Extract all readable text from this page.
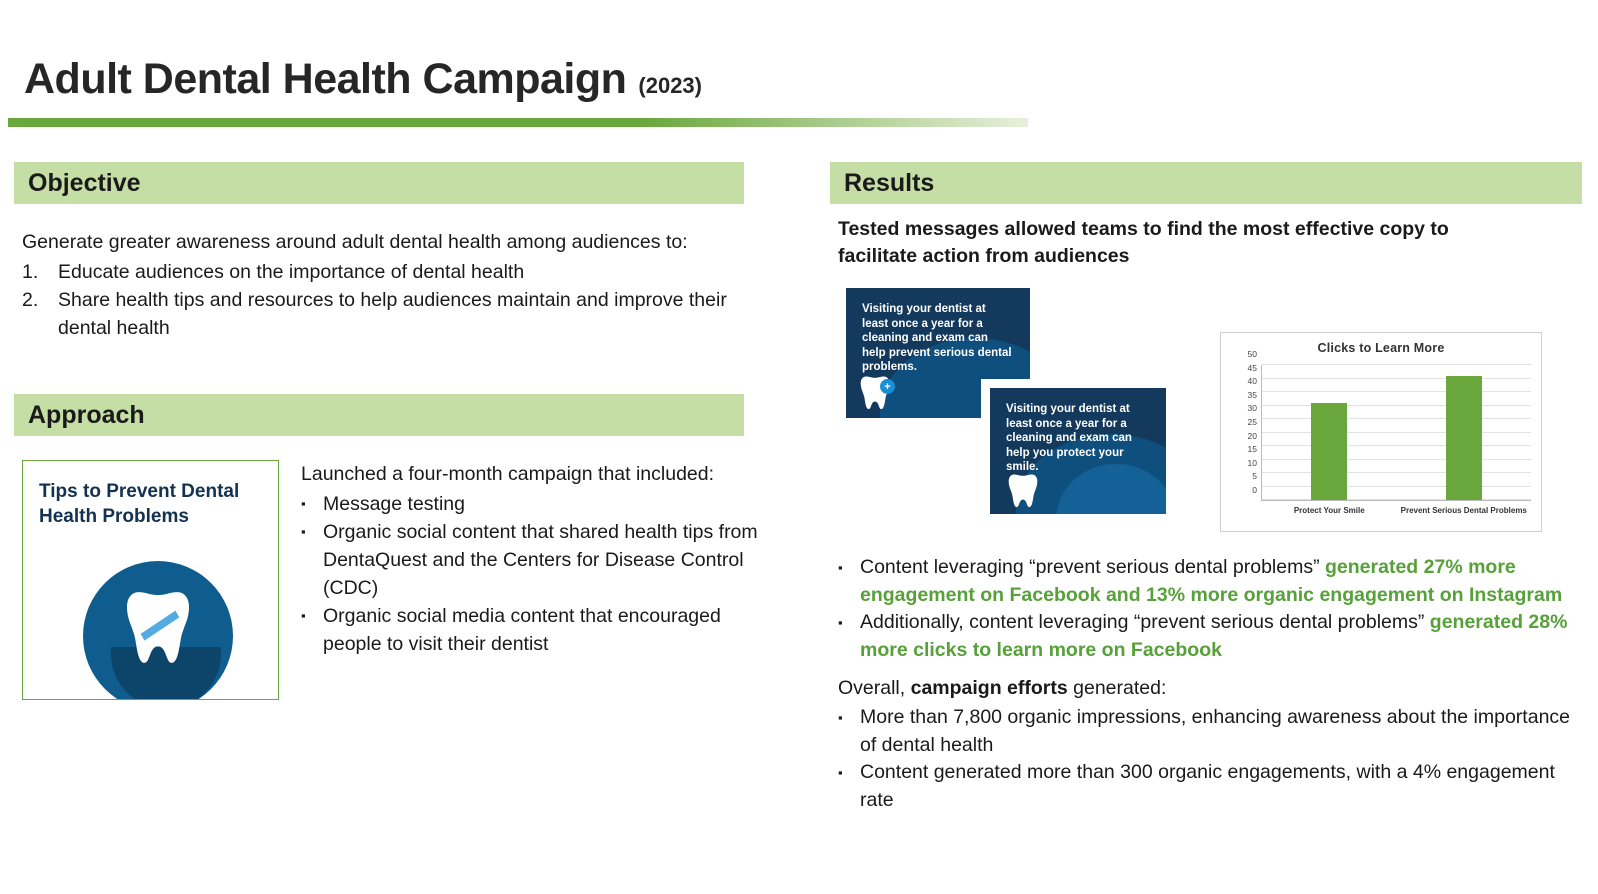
Adult Dental Health Campaign (2023)
Objective
Generate greater awareness around adult dental health among audiences to:
1.	Educate audiences on the importance of dental health
2.	Share health tips and resources to help audiences maintain and improve their dental health
Approach
Tips to Prevent Dental Health Problems
Launched a four-month campaign that included:
▪ Message testing
▪ Organic social content that shared health tips from DentaQuest and the Centers for Disease Control (CDC)
▪ Organic social media content that encouraged people to visit their dentist
Results
Tested messages allowed teams to find the most effective copy to facilitate action from audiences
Visiting your dentist at least once a year for a cleaning and exam can help prevent serious dental problems.
+
Visiting your dentist at least once a year for a cleaning and exam can help you protect your smile.
Clicks to Learn More
0
5
10
15
20
25
30
35
40
45
50
Protect Your Smile	Prevent Serious Dental Problems
▪ Content leveraging “prevent serious dental problems” generated 27% more engagement on Facebook and 13% more organic engagement on Instagram
▪ Additionally, content leveraging “prevent serious dental problems” generated 28% more clicks to learn more on Facebook
Overall, campaign efforts generated:
▪ More than 7,800 organic impressions, enhancing awareness about the importance of dental health
▪ Content generated more than 300 organic engagements, with a 4% engagement rate
